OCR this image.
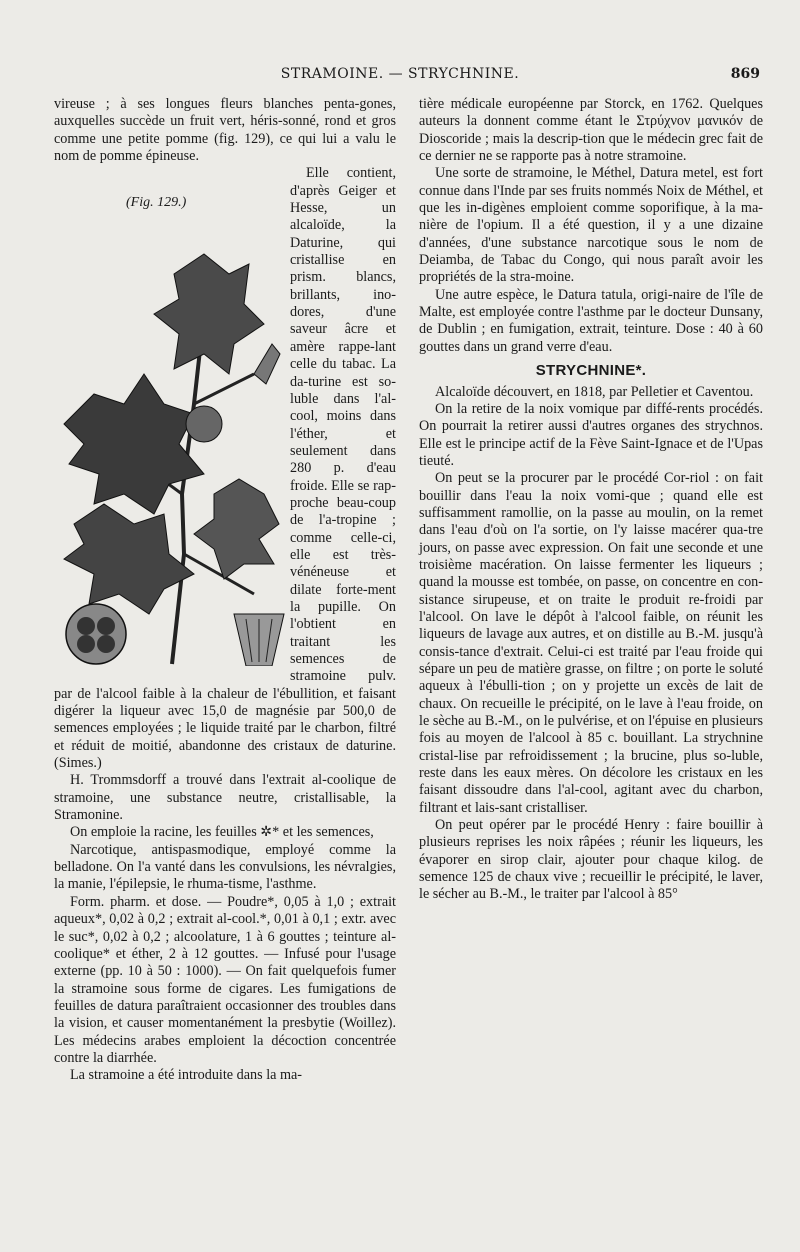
STRAMOINE. — STRYCHNINE.	869

vireuse ; à ses longues fleurs blanches penta-gones, auxquelles succède un fruit vert, héris-sonné, rond et gros comme une petite pomme (fig. 129), ce qui lui a valu le nom de pomme épineuse.

(Fig. 129.)

Elle contient, d'après Geiger et Hesse, un alcaloïde, la Daturine, qui cristallise en prism. blancs, brillants, ino-dores, d'une saveur âcre et amère rappe-lant celle du tabac. La da-turine est so-luble dans l'al-cool, moins dans l'éther, et seulement dans 280 p. d'eau froide. Elle se rap-proche beau-coup de l'a-tropine ; comme celle-ci, elle est très-vénéneuse et dilate forte-ment la pupille. On l'obtient en traitant les semences de stramoine pulv. par de l'alcool faible à la chaleur de l'ébullition, et faisant digérer la liqueur avec 15,0 de magnésie par 500,0 de semences employées ; le liquide traité par le charbon, filtré et réduit de moitié, abandonne des cristaux de daturine. (Simes.)

H. Trommsdorff a trouvé dans l'extrait al-coolique de stramoine, une substance neutre, cristallisable, la Stramonine.

On emploie la racine, les feuilles ✲* et les semences,

Narcotique, antispasmodique, employé comme la belladone. On l'a vanté dans les convulsions, les névralgies, la manie, l'épilepsie, le rhuma-tisme, l'asthme.

Form. pharm. et dose. — Poudre*, 0,05 à 1,0 ; extrait aqueux*, 0,02 à 0,2 ; extrait al-cool.*, 0,01 à 0,1 ; extr. avec le suc*, 0,02 à 0,2 ; alcoolature, 1 à 6 gouttes ; teinture al-coolique* et éther, 2 à 12 gouttes. — Infusé pour l'usage externe (pp. 10 à 50 : 1000). — On fait quelquefois fumer la stramoine sous forme de cigares. Les fumigations de feuilles de datura paraîtraient occasionner des troubles dans la vision, et causer momentanément la presbytie (Woillez). Les médecins arabes emploient la décoction concentrée contre la diarrhée.

La stramoine a été introduite dans la ma-

tière médicale européenne par Storck, en 1762. Quelques auteurs la donnent comme étant le Στρύχνον μανικόν de Dioscoride ; mais la descrip-tion que le médecin grec fait de ce dernier ne se rapporte pas à notre stramoine.

Une sorte de stramoine, le Méthel, Datura metel, est fort connue dans l'Inde par ses fruits nommés Noix de Méthel, et que les in-digènes emploient comme soporifique, à la ma-nière de l'opium. Il a été question, il y a une dizaine d'années, d'une substance narcotique sous le nom de Deiamba, de Tabac du Congo, qui nous paraît avoir les propriétés de la stra-moine.

Une autre espèce, le Datura tatula, origi-naire de l'île de Malte, est employée contre l'asthme par le docteur Dunsany, de Dublin ; en fumigation, extrait, teinture. Dose : 40 à 60 gouttes dans un grand verre d'eau.

STRYCHNINE*.

Alcaloïde découvert, en 1818, par Pelletier et Caventou.

On la retire de la noix vomique par diffé-rents procédés. On pourrait la retirer aussi d'autres organes des strychnos. Elle est le principe actif de la Fève Saint-Ignace et de l'Upas tieuté.

On peut se la procurer par le procédé Cor-riol : on fait bouillir dans l'eau la noix vomi-que ; quand elle est suffisamment ramollie, on la passe au moulin, on la remet dans l'eau d'où on l'a sortie, on l'y laisse macérer qua-tre jours, on passe avec expression. On fait une seconde et une troisième macération. On laisse fermenter les liqueurs ; quand la mousse est tombée, on passe, on concentre en con-sistance sirupeuse, et on traite le produit re-froidi par l'alcool. On lave le dépôt à l'alcool faible, on réunit les liqueurs de lavage aux autres, et on distille au B.-M. jusqu'à consis-tance d'extrait. Celui-ci est traité par l'eau froide qui sépare un peu de matière grasse, on filtre ; on porte le soluté aqueux à l'ébulli-tion ; on y projette un excès de lait de chaux. On recueille le précipité, on le lave à l'eau froide, on le sèche au B.-M., on le pulvérise, et on l'épuise en plusieurs fois au moyen de l'alcool à 85 c. bouillant. La strychnine cristal-lise par refroidissement ; la brucine, plus so-luble, reste dans les eaux mères. On décolore les cristaux en les faisant dissoudre dans l'al-cool, agitant avec du charbon, filtrant et lais-sant cristalliser.

On peut opérer par le procédé Henry : faire bouillir à plusieurs reprises les noix râpées ; réunir les liqueurs, les évaporer en sirop clair, ajouter pour chaque kilog. de semence 125 de chaux vive ; recueillir le précipité, le laver, le sécher au B.-M., le traiter par l'alcool à 85°
